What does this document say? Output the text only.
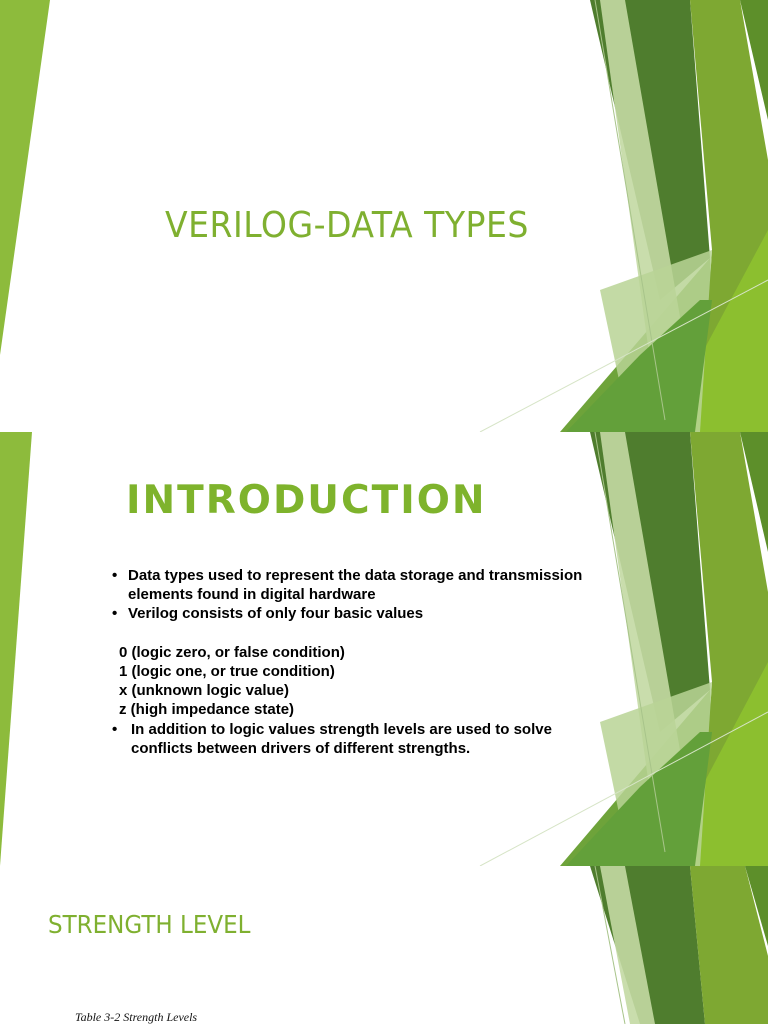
VERILOG-DATA TYPES
INTRODUCTION
• Data types used to represent the data storage and transmission
elements found in digital hardware
• Verilog consists of only four basic values
0 (logic zero, or false condition)
1 (logic one, or true condition)
x (unknown logic value)
z (high impedance state)
• In addition to logic values strength levels are used to solve
conflicts between drivers of different strengths.
STRENGTH LEVEL

Table 3-2 Strength Levels
